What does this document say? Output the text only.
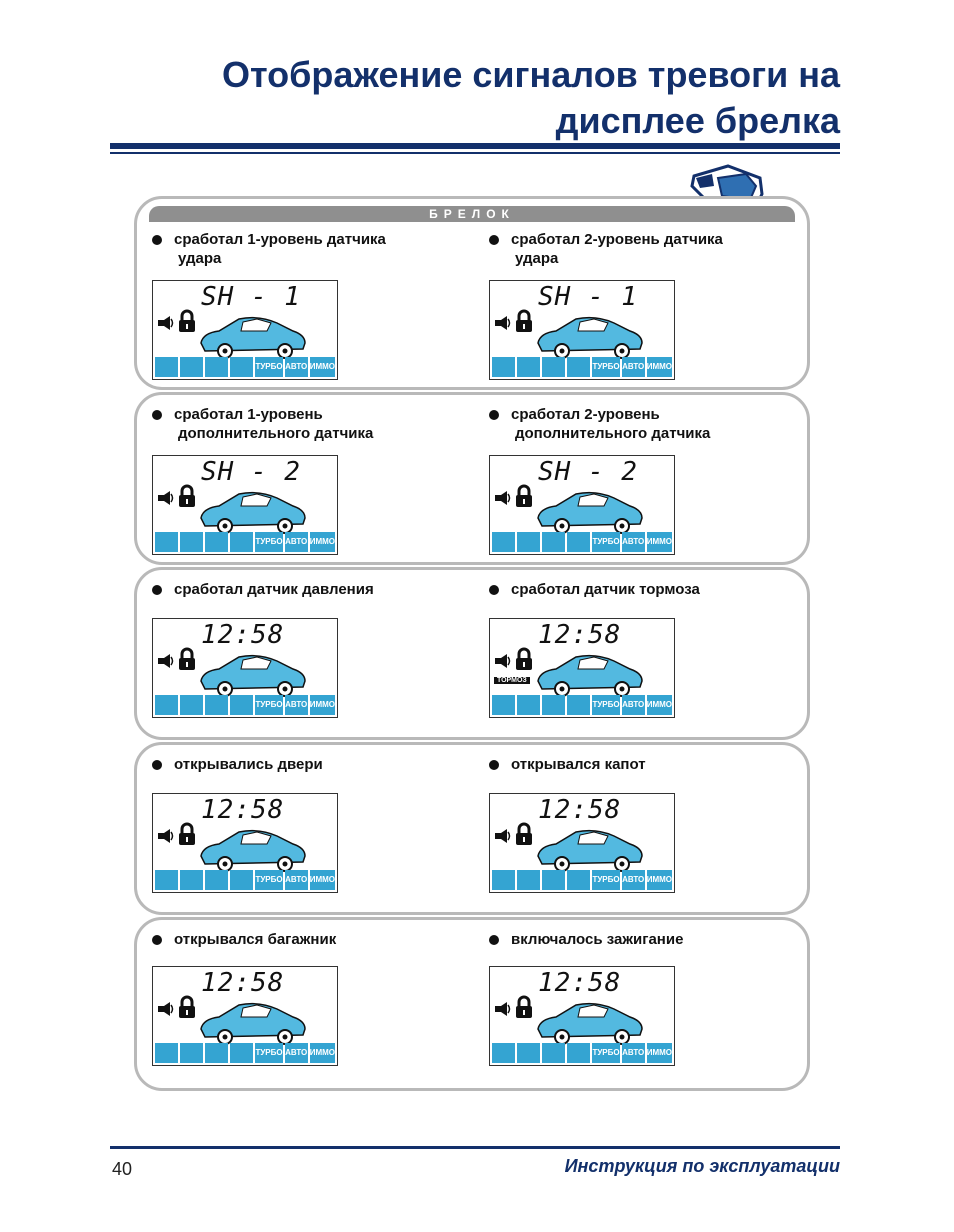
Отображение сигналов тревоги на
дисплее брелка
БРЕЛОК
сработал 1-уровень датчика
удара
SH - 1
ТУРБО АВТО ИММО
сработал 2-уровень датчика
удара
SH - 1
ТУРБО АВТО ИММО
сработал 1-уровень
дополнительного датчика
SH - 2
ТУРБО АВТО ИММО
сработал 2-уровень
дополнительного датчика
SH - 2
ТУРБО АВТО ИММО
сработал датчик давления
12:58
ТУРБО АВТО ИММО
сработал датчик тормоза
12:58
ТОРМОЗ
ТУРБО АВТО ИММО
открывались двери
12:58
ТУРБО АВТО ИММО
открывался капот
12:58
ТУРБО АВТО ИММО
открывался багажник
12:58
ТУРБО АВТО ИММО
включалось зажигание
12:58
ТУРБО АВТО ИММО
40	Инструкция по эксплуатации
